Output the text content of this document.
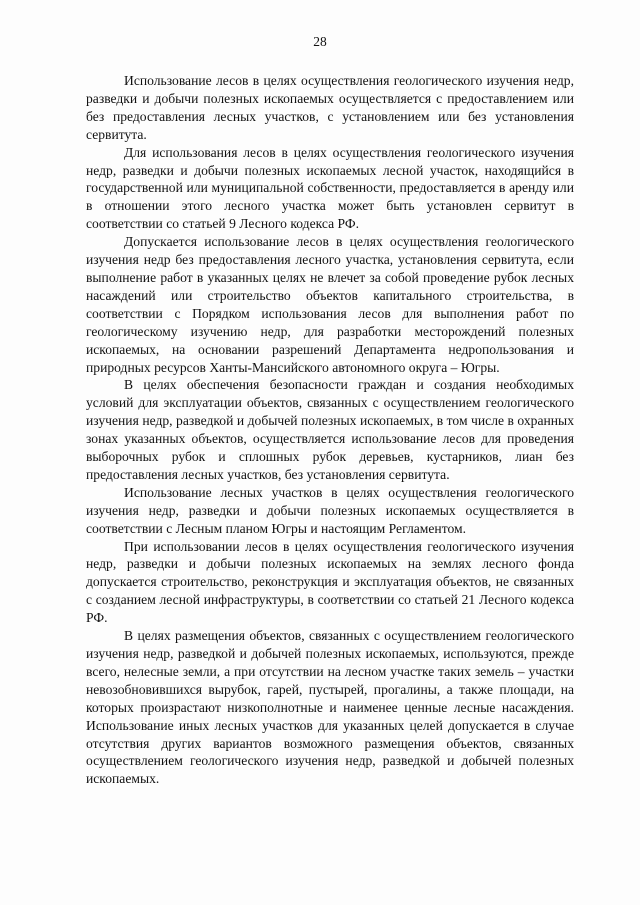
28

Использование лесов в целях осуществления геологического изучения недр, разведки и добычи полезных ископаемых осуществляется с предоставлением или без предоставления лесных участков, с установлением или без установления сервитута.

Для использования лесов в целях осуществления геологического изучения недр, разведки и добычи полезных ископаемых лесной участок, находящийся в государственной или муниципальной собственности, предоставляется в аренду или в отношении этого лесного участка может быть установлен сервитут в соответствии со статьей 9 Лесного кодекса РФ.

Допускается использование лесов в целях осуществления геологического изучения недр без предоставления лесного участка, установления сервитута, если выполнение работ в указанных целях не влечет за собой проведение рубок лесных насаждений или строительство объектов капитального строительства, в соответствии с Порядком использования лесов для выполнения работ по геологическому изучению недр, для разработки месторождений полезных ископаемых, на основании разрешений Департамента недропользования и природных ресурсов Ханты-Мансийского автономного округа – Югры.

В целях обеспечения безопасности граждан и создания необходимых условий для эксплуатации объектов, связанных с осуществлением геологического изучения недр, разведкой и добычей полезных ископаемых, в том числе в охранных зонах указанных объектов, осуществляется использование лесов для проведения выборочных рубок и сплошных рубок деревьев, кустарников, лиан без предоставления лесных участков, без установления сервитута.

Использование лесных участков в целях осуществления геологического изучения недр, разведки и добычи полезных ископаемых осуществляется в соответствии с Лесным планом Югры и настоящим Регламентом.

При использовании лесов в целях осуществления геологического изучения недр, разведки и добычи полезных ископаемых на землях лесного фонда допускается строительство, реконструкция и эксплуатация объектов, не связанных с созданием лесной инфраструктуры, в соответствии со статьей 21 Лесного кодекса РФ.

В целях размещения объектов, связанных с осуществлением геологического изучения недр, разведкой и добычей полезных ископаемых, используются, прежде всего, нелесные земли, а при отсутствии на лесном участке таких земель – участки невозобновившихся вырубок, гарей, пустырей, прогалины, а также площади, на которых произрастают низкополнотные и наименее ценные лесные насаждения. Использование иных лесных участков для указанных целей допускается в случае отсутствия других вариантов возможного размещения объектов, связанных осуществлением геологического изучения недр, разведкой и добычей полезных ископаемых.
